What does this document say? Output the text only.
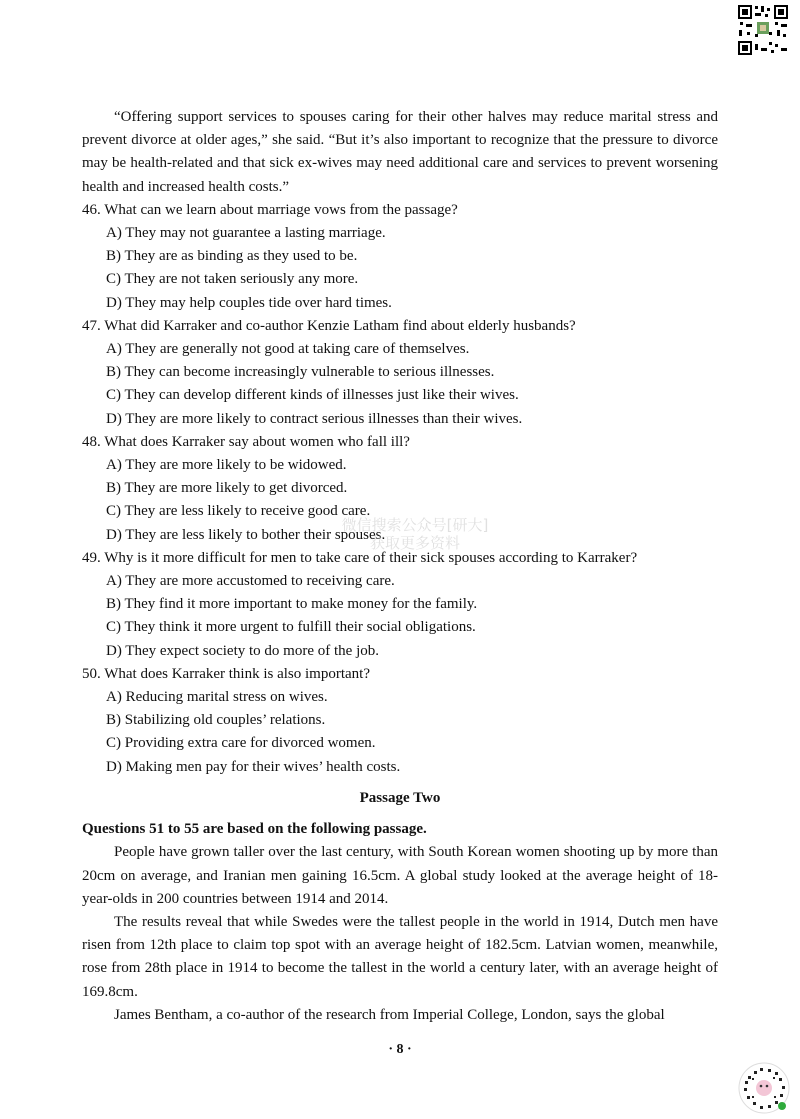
“Offering support services to spouses caring for their other halves may reduce marital stress and prevent divorce at older ages,” she said. “But it’s also important to recognize that the pressure to divorce may be health-related and that sick ex-wives may need additional care and services to prevent worsening health and increased health costs.”

46. What can we learn about marriage vows from the passage?

A) They may not guarantee a lasting marriage.

B) They are as binding as they used to be.

C) They are not taken seriously any more.

D) They may help couples tide over hard times.

47. What did Karraker and co-author Kenzie Latham find about elderly husbands?

A) They are generally not good at taking care of themselves.

B) They can become increasingly vulnerable to serious illnesses.

C) They can develop different kinds of illnesses just like their wives.

D) They are more likely to contract serious illnesses than their wives.

48. What does Karraker say about women who fall ill?

A) They are more likely to be widowed.

B) They are more likely to get divorced.

C) They are less likely to receive good care.

D) They are less likely to bother their spouses.

49. Why is it more difficult for men to take care of their sick spouses according to Karraker?

A) They are more accustomed to receiving care.

B) They find it more important to make money for the family.

C) They think it more urgent to fulfill their social obligations.

D) They expect society to do more of the job.

50. What does Karraker think is also important?

A) Reducing marital stress on wives.

B) Stabilizing old couples’ relations.

C) Providing extra care for divorced women.

D) Making men pay for their wives’ health costs.

Passage Two

Questions 51 to 55 are based on the following passage.

People have grown taller over the last century, with South Korean women shooting up by more than 20cm on average, and Iranian men gaining 16.5cm. A global study looked at the average height of 18-year-olds in 200 countries between 1914 and 2014.

The results reveal that while Swedes were the tallest people in the world in 1914, Dutch men have risen from 12th place to claim top spot with an average height of 182.5cm. Latvian women, meanwhile, rose from 28th place in 1914 to become the tallest in the world a century later, with an average height of 169.8cm.

James Bentham, a co-author of the research from Imperial College, London, says the global

微信搜索公众号[研大]
获取更多资料
· 8 ·
